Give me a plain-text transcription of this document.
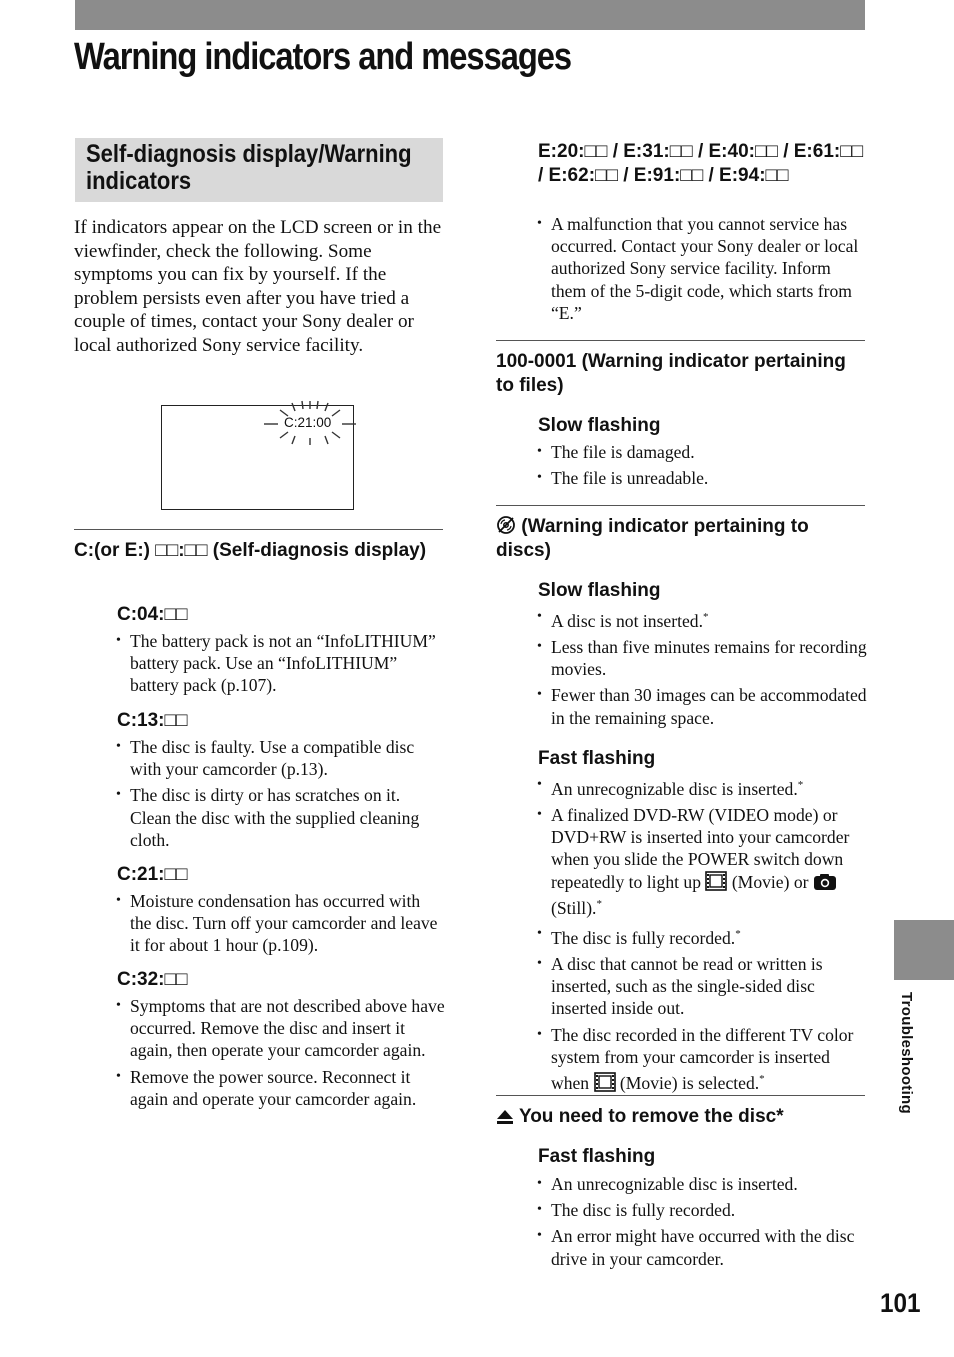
Warning indicators and messages
Self-diagnosis display/Warning indicators

If indicators appear on the LCD screen or in the viewfinder, check the following. Some symptoms you can fix by yourself. If the problem persists even after you have tried a couple of times, contact your Sony dealer or local authorized Sony service facility.

C:21:00
C:(or E:) □□:□□ (Self-diagnosis display)
C:04:□□
• The battery pack is not an “InfoLITHIUM” battery pack. Use an “InfoLITHIUM” battery pack (p.107).
C:13:□□
• The disc is faulty. Use a compatible disc with your camcorder (p.13).
• The disc is dirty or has scratches on it. Clean the disc with the supplied cleaning cloth.
C:21:□□
• Moisture condensation has occurred with the disc. Turn off your camcorder and leave it for about 1 hour (p.109).
C:32:□□
• Symptoms that are not described above have occurred. Remove the disc and insert it again, then operate your camcorder again.
• Remove the power source. Reconnect it again and operate your camcorder again.
E:20:□□ / E:31:□□ / E:40:□□ / E:61:□□ / E:62:□□ / E:91:□□ / E:94:□□
• A malfunction that you cannot service has occurred. Contact your Sony dealer or local authorized Sony service facility. Inform them of the 5-digit code, which starts from “E.”
100-0001 (Warning indicator pertaining to files)
Slow flashing
• The file is damaged.
• The file is unreadable.
(Warning indicator pertaining to discs)
Slow flashing
• A disc is not inserted.*
• Less than five minutes remains for recording movies.
• Fewer than 30 images can be accommodated in the remaining space.
Fast flashing
• An unrecognizable disc is inserted.*
• A finalized DVD-RW (VIDEO mode) or DVD+RW is inserted into your camcorder when you slide the POWER switch down repeatedly to light up (Movie) or  (Still).*
• The disc is fully recorded.*
• A disc that cannot be read or written is inserted, such as the single-sided disc inserted inside out.
• The disc recorded in the different TV color system from your camcorder is inserted when (Movie) is selected.*
You need to remove the disc*
Fast flashing
• An unrecognizable disc is inserted.
• The disc is fully recorded.
• An error might have occurred with the disc drive in your camcorder.
Troubleshooting
101
